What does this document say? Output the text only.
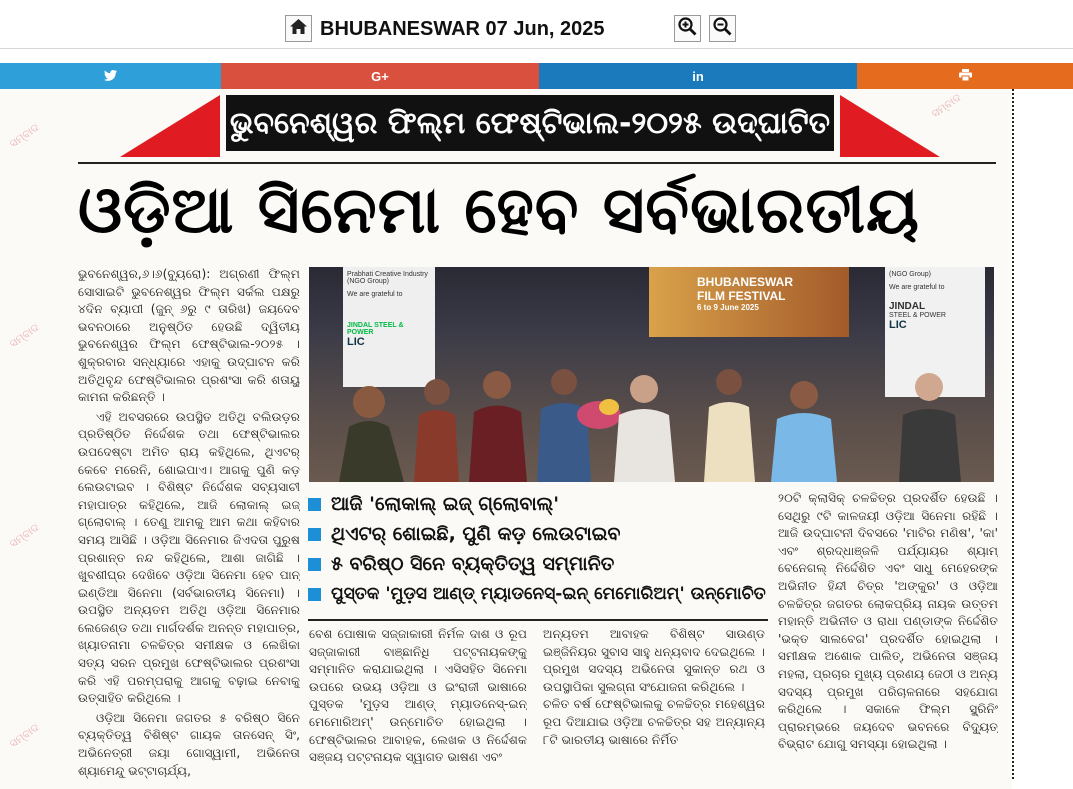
BHUBANESWAR 07 Jun, 2025
G+	in
ଭୁବନେଶ୍ୱର ଫିଲ୍ମ ଫେଷ୍ଟିଭାଲ-୨୦୨୫ ଉଦ୍‌ଘାଟିତ
ଓଡ଼ିଆ ସିନେମା ହେବ ସର୍ବଭାରତୀୟ

ଭୁବନେଶ୍ୱର,୬।୬(ବ୍ୟୁରୋ): ଅଗ୍ରଣୀ ଫିଲ୍ମ ସୋସାଇଟି ଭୁବନେଶ୍ୱର ଫିଲ୍ମ ସର୍କଲ ପକ୍ଷରୁ ୪ଦିନ ବ୍ୟାପୀ (ଜୁନ୍ ୬ରୁ ୯ ତାରିଖ) ଜୟଦେବ ଭବନଠାରେ ଅନୁଷ୍ଠିତ ହେଉଛି ଦ୍ୱିତୀୟ ଭୁବନେଶ୍ୱର ଫିଲ୍ମ ଫେଷ୍ଟିଭାଲ-୨୦୨୫ । ଶୁକ୍ରବାର ସନ୍ଧ୍ୟାରେ ଏହାକୁ ଉଦ୍‌ଘାଟନ କରି ଅତିଥିବୃନ୍ଦ ଫେଷ୍ଟିଭାଲର ପ୍ରଶଂସା କରି ଶତାୟୁ କାମନା କରିଛନ୍ତି ।

ଏହି ଅବସରରେ ଉପସ୍ଥିତ ଅତିଥି ବଲିଉଡ଼ର ପ୍ରତିଷ୍ଠିତ ନିର୍ଦ୍ଦେଶକ ତଥା ଫେଷ୍ଟିଭାଲର ଉପଦେଷ୍ଟା ଅମିତ ରାୟ କହିଥିଲେ, ଥିଏଟର୍ କେବେ ମରେନି, ଶୋଇପାଏ। ଆଗକୁ ପୁଣି କଡ଼ ଲେଉଟାଇବ । ବିଶିଷ୍ଟ ନିର୍ଦ୍ଦେଶକ ସବ୍ୟସାଚୀ ମହାପାତ୍ର କହିଥିଲେ, ଆଜି ଲୋକାଲ୍ ଇଜ୍ ଗ୍ଲୋବାଲ୍ । ତେଣୁ ଆମକୁ ଆମ କଥା କହିବାର ସମୟ ଆସିଛି । ଓଡ଼ିଆ ସିନେମାର ଜିଏଦତା ପୁରୁଷ ପ୍ରଶାନ୍ତ ନନ୍ଦ କହିଥିଲେ, ଆଶା ଜାଗିଛି । ଖୁବଶୀଘ୍ର ଦେଖିବେ ଓଡ଼ିଆ ସିନେମା ହେବ ପାନ୍ ଇଣ୍ଡିଆ ସିନେମା (ସର୍ବଭାରତୀୟ ସିନେମା) । ଉପସ୍ଥିତ ଅନ୍ୟତମ ଅତିଥି ଓଡ଼ିଆ ସିନେମାର ଲେଜେଣ୍ଡ ତଥା ମାର୍ଗଦର୍ଶକ ଅନନ୍ତ ମହାପାତ୍ର, ଖ୍ୟାତନାମା ଚଳଚ୍ଚିତ୍ର ସମୀକ୍ଷକ ଓ ଲେଖିକା ସତ୍ୟ ସରନ ପ୍ରମୁଖ ଫେଷ୍ଟିଭାଲର ପ୍ରଶଂସା କରି ଏହି ପରମ୍ପରାକୁ ଆଗକୁ ବଢ଼ାଇ ନେବାକୁ ଉତ୍ସାହିତ କରିଥିଲେ ।

ଓଡ଼ିଆ ସିନେମା ଜଗତର ୫ ବରିଷ୍ଠ ସିନେ ବ୍ୟକ୍ତିତ୍ୱ ବିଶିଷ୍ଟ ଗାୟକ ତାନସେନ୍ ସିଂ, ଅଭିନେତ୍ରୀ ଜୟା ଗୋସ୍ୱାମୀ, ଅଭିନେତା ଶ୍ୟାମେନ୍ଦୁ ଭଟ୍ଟାଚାର୍ଯ୍ୟ,

Prabhati Creative Industry
(NGO Group)
We are grateful to
JINDAL STEEL & POWER
LIC
BHUBANESWAR
FILM FESTIVAL
6 to 9 June 2025
(NGO Group)
We are grateful to
JINDAL
STEEL & POWER
LIC
ଆଜି 'ଲୋକାଲ୍ ଇଜ୍ ଗ୍ଲୋବାଲ୍'
ଥିଏଟର୍ ଶୋଇଛି, ପୁଣି କଡ଼ ଲେଉଟାଇବ
୫ ବରିଷ୍ଠ ସିନେ ବ୍ୟକ୍ତିତ୍ୱ ସମ୍ମାନିତ
ପୁସ୍ତକ 'ମୁଡ଼ସ ଆଣ୍ଡ୍ ମ୍ୟାଡନେସ୍-ଇନ୍ ମେମୋରିଅମ୍' ଉନ୍ମୋଚିତ
ବେଶ ପୋଷାକ ସଜ୍ଜାକାରୀ ନିର୍ମଳ ଦାଶ ଓ ରୂପ ସଜ୍ଜାକାରୀ ବାଞ୍ଛାନିଧି ପଟ୍ଟନାୟକଙ୍କୁ ସମ୍ମାନିତ କରାଯାଇଥିଲା । ଏସିସହିତ ସିନେମା ଉପରେ ଉଭୟ ଓଡ଼ିଆ ଓ ଇଂରାଜୀ ଭାଷାରେ ପୁସ୍ତକ 'ମୁଡ଼ସ ଆଣ୍ଡ୍ ମ୍ୟାଡନେସ୍-ଇନ୍ ମେମୋରିଅମ୍' ଉନ୍ମୋଚିତ ହୋଇଥିଲା । ଫେଷ୍ଟିଭାଲର ଆବାହକ, ଲେଖକ ଓ ନିର୍ଦ୍ଦେଶକ ସଞ୍ଜୟ ପଟ୍ଟନାୟକ ସ୍ୱାଗତ ଭାଷଣ ଏବଂ
ଅନ୍ୟତମ ଆବାହକ ବିଶିଷ୍ଟ ସାଉଣ୍ଡ ଇଞ୍ଜିନିୟର ସୁବାସ ସାହୁ ଧନ୍ୟବାଦ ଦେଇଥିଲେ । ପ୍ରମୁଖ ସଦସ୍ୟ ଅଭିନେତା ସୁକାନ୍ତ ରଥ ଓ ଉପସ୍ଥାପିକା ସୁଲଗ୍ନା ସଂଯୋଜନା କରିଥିଲେ ।
ଚଳିତ ବର୍ଷ ଫେଷ୍ଟିଭାଲକୁ ଚଳଚ୍ଚିତ୍ର ମହେଶ୍ୱର ରୂପ ଦିଆଯାଇ ଓଡ଼ିଆ ଚଳଚ୍ଚିତ୍ର ସହ ଅନ୍ୟାନ୍ୟ ୮ଟି ଭାରତୀୟ ଭାଷାରେ ନିର୍ମିତ
୨୦ଟି କ୍ଲାସିକ୍ ଚଳଚ୍ଚିତ୍ର ପ୍ରଦର୍ଶିତ ହେଉଛି । ସେଥିରୁ ୯ଟି କାଳଜୟୀ ଓଡ଼ିଆ ସିନେମା ରହିଛି । ଆଜି ଉଦ୍‌ଘାଟନୀ ଦିବସରେ 'ମାଟିର ମଣିଷ', 'କା' ଏବଂ ଶ୍ରଦ୍ଧାଞ୍ଜଳି ପର୍ଯ୍ୟାୟର ଶ୍ୟାମ୍ ବେନେଗଲ୍ ନିର୍ଦ୍ଦେଶିତ ଏବଂ ସାଧୁ ମେହେରଙ୍କ ଅଭିନୀତ ହିନ୍ଦୀ ଚିତ୍ର 'ଅଙ୍କୁର' ଓ ଓଡ଼ିଆ ଚଳଚ୍ଚିତ୍ର ଜଗତର ଲୋକପ୍ରିୟ ନାୟକ ଉତ୍ତମ ମହାନ୍ତି ଅଭିନୀତ ଓ ରାଧା ପଣ୍ଡାଙ୍କ ନିର୍ଦ୍ଦେଶିତ 'ଭକ୍ତ ସାଲବେଗ' ପ୍ରଦର୍ଶିତ ହୋଇଥିଲା । ସମୀକ୍ଷକ ଅଶୋକ ପାଲିତ୍, ଅଭିନେତା ସଞ୍ଜୟ ମହଲା, ପ୍ରଚାର ମୁଖ୍ୟ ପ୍ରଣୟ ଜେଠୀ ଓ ଅନ୍ୟ ସଦସ୍ୟ ପ୍ରମୁଖ ପରିଚାଳନାରେ ସହଯୋଗ କରିଥିଲେ । ସକାଳେ ଫିଲ୍ମ ସ୍କ୍ରିନିଂ ପ୍ରାରମ୍ଭରେ ଜୟଦେବ ଭବନରେ ବିଦ୍ୟୁତ୍ ବିଭ୍ରାଟ ଯୋଗୁ ସମସ୍ୟା ହୋଇଥିଲା ।
ସମ୍ବାଦ
ସମ୍ବାଦ
ସମ୍ବାଦ
ସମ୍ବାଦ
ସମ୍ବାଦ
